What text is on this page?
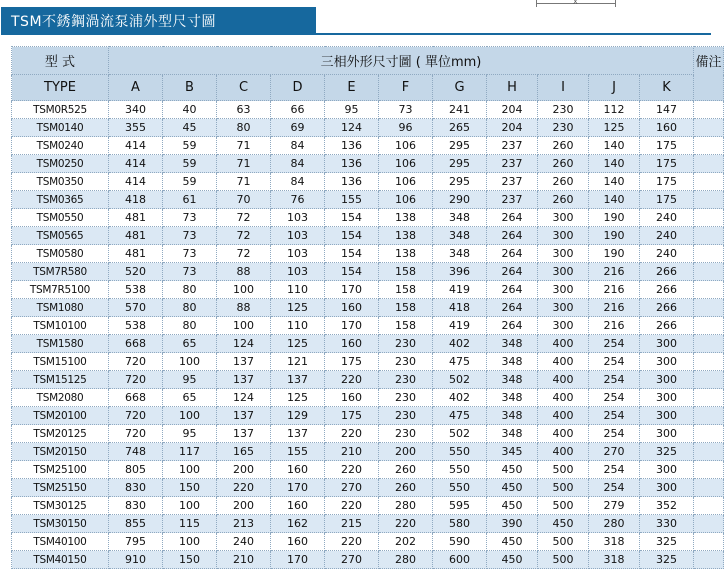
X
TSM不銹鋼渦流泵浦外型尺寸圖
型 式	三相外形尺寸圖 ( 單位mm)											備注
TYPE	A	B	C	D	E	F	G	H	I	J	K	
TSM0R525	340	40	63	66	95	73	241	204	230	112	147	
TSM0140	355	45	80	69	124	96	265	204	230	125	160	
TSM0240	414	59	71	84	136	106	295	237	260	140	175	
TSM0250	414	59	71	84	136	106	295	237	260	140	175	
TSM0350	414	59	71	84	136	106	295	237	260	140	175	
TSM0365	418	61	70	76	155	106	290	237	260	140	175	
TSM0550	481	73	72	103	154	138	348	264	300	190	240	
TSM0565	481	73	72	103	154	138	348	264	300	190	240	
TSM0580	481	73	72	103	154	138	348	264	300	190	240	
TSM7R580	520	73	88	103	154	158	396	264	300	216	266	
TSM7R5100	538	80	100	110	170	158	419	264	300	216	266	
TSM1080	570	80	88	125	160	158	418	264	300	216	266	
TSM10100	538	80	100	110	170	158	419	264	300	216	266	
TSM1580	668	65	124	125	160	230	402	348	400	254	300	
TSM15100	720	100	137	121	175	230	475	348	400	254	300	
TSM15125	720	95	137	137	220	230	502	348	400	254	300	
TSM2080	668	65	124	125	160	230	402	348	400	254	300	
TSM20100	720	100	137	129	175	230	475	348	400	254	300	
TSM20125	720	95	137	137	220	230	502	348	400	254	300	
TSM20150	748	117	165	155	210	200	550	345	400	270	325	
TSM25100	805	100	200	160	220	260	550	450	500	254	300	
TSM25150	830	150	220	170	270	260	550	450	500	254	300	
TSM30125	830	100	200	160	220	280	595	450	500	279	352	
TSM30150	855	115	213	162	215	220	580	390	450	280	330	
TSM40100	795	100	240	160	220	202	590	450	500	318	325	
TSM40150	910	150	210	170	270	280	600	450	500	318	325	
